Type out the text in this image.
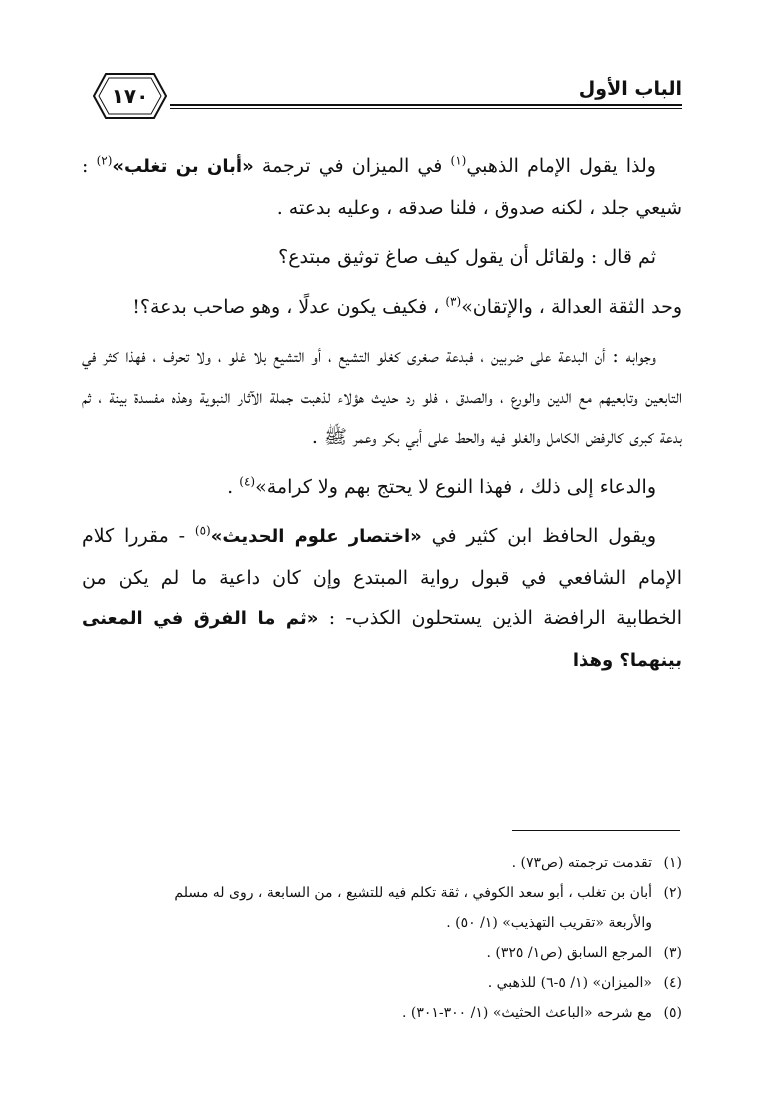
الباب الأول
١٧٠

ولذا يقول الإمام الذهبي$^{(١)}$ في الميزان في ترجمة «أبان بن تغلب»$^{(٢)}$ : شيعي جلد ، لكنه صدوق ، فلنا صدقه ، وعليه بدعته .

ثم قال : ولقائل أن يقول كيف صاغ توثيق مبتدع؟

وحد الثقة العدالة ، والإتقان»$^{(٣)}$ ، فكيف يكون عدلًا ، وهو صاحب بدعة؟!

وجوابه : أن البدعة على ضربين ، فبدعة صغرى كغلو التشيع ، أو التشيع بلا غلو ، ولا تحرف ، فهذا كثر في التابعين وتابعيهم مع الدين والورع ، والصدق ، فلو رد حديث هؤلاء لذهبت جملة الآثار النبوية وهذه مفسدة بينة ، ثم بدعة كبرى كالرفض الكامل والغلو فيه والحط على أبي بكر وعمر ﷺ .

والدعاء إلى ذلك ، فهذا النوع لا يحتج بهم ولا كرامة»$^{(٤)}$ .

ويقول الحافظ ابن كثير في «اختصار علوم الحديث»$^{(٥)}$ - مقررا كلام الإمام الشافعي في قبول رواية المبتدع وإن كان داعية ما لم يكن من الخطابية الرافضة الذين يستحلون الكذب- : «ثم ما الفرق في المعنى بينهما؟ وهذا

(١)تقدمت ترجمته (ص٧٣) .

(٢)أبان بن تغلب ، أبو سعد الكوفي ، ثقة تكلم فيه للتشيع ، من السابعة ، روى له مسلم
والأربعة «تقريب التهذيب» (١/ ٥٠) .

(٣)المرجع السابق (ص١/ ٣٢٥) .

(٤)«الميزان» (١/ ٥-٦) للذهبي .

(٥)مع شرحه «الباعث الحثيث» (١/ ٣٠٠-٣٠١) .
